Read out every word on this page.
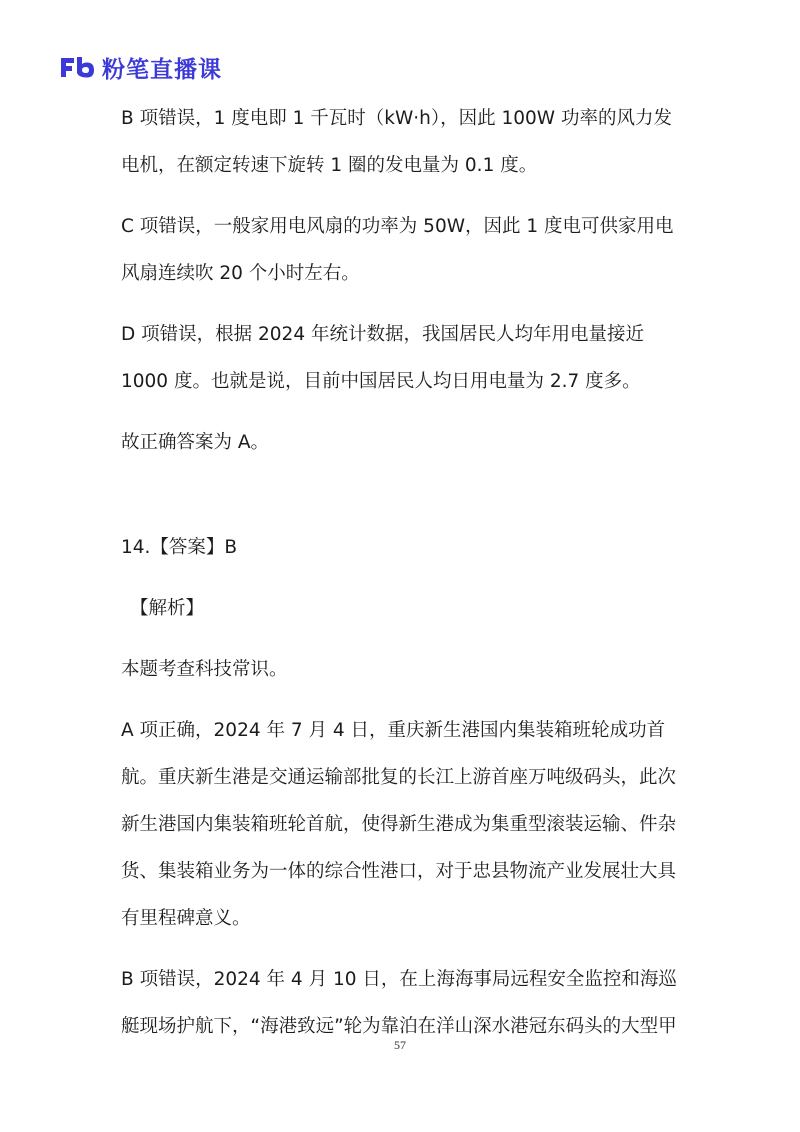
粉笔直播课

B 项错误，1 度电即 1 千瓦时（kW·h），因此 100W 功率的风力发电机，在额定转速下旋转 1 圈的发电量为 0.1 度。

C 项错误，一般家用电风扇的功率为 50W，因此 1 度电可供家用电风扇连续吹 20 个小时左右。

D 项错误，根据 2024 年统计数据，我国居民人均年用电量接近 1000 度。也就是说，目前中国居民人均日用电量为 2.7 度多。

故正确答案为 A。

14.【答案】B

【解析】

本题考查科技常识。

A 项正确，2024 年 7 月 4 日，重庆新生港国内集装箱班轮成功首航。重庆新生港是交通运输部批复的长江上游首座万吨级码头，此次新生港国内集装箱班轮首航，使得新生港成为集重型滚装运输、件杂货、集装箱业务为一体的综合性港口，对于忠县物流产业发展壮大具有里程碑意义。

B 项错误，2024 年 4 月 10 日，在上海海事局远程安全监控和海巡艇现场护航下，“海港致远”轮为靠泊在洋山深水港冠东码头的大型甲

57
